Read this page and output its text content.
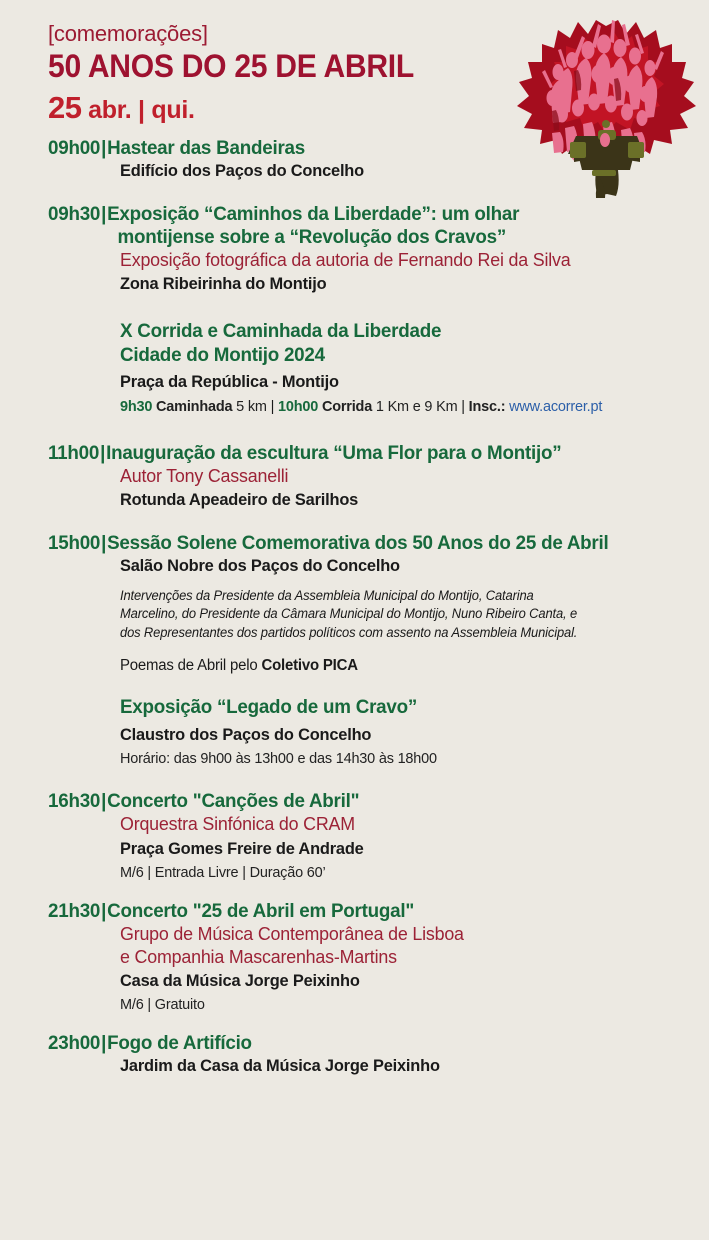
[comemorações]
50 ANOS DO 25 DE ABRIL
25 abr. | qui.
09h00|Hastear das Bandeiras
Edifício dos Paços do Concelho
09h30|Exposição “Caminhos da Liberdade”: um olhar
montijense sobre a “Revolução dos Cravos”
Exposição fotográfica da autoria de Fernando Rei da Silva
Zona Ribeirinha do Montijo
X Corrida e Caminhada da Liberdade
Cidade do Montijo 2024
Praça da República - Montijo
9h30 Caminhada 5 km | 10h00 Corrida 1 Km e 9 Km | Insc.: www.acorrer.pt
11h00|Inauguração da escultura “Uma Flor para o Montijo”
Autor Tony Cassanelli
Rotunda Apeadeiro de Sarilhos
15h00|Sessão Solene Comemorativa dos 50 Anos do 25 de Abril
Salão Nobre dos Paços do Concelho
Intervenções da Presidente da Assembleia Municipal do Montijo, Catarina
Marcelino, do Presidente da Câmara Municipal do Montijo, Nuno Ribeiro Canta, e
dos Representantes dos partidos políticos com assento na Assembleia Municipal.
Poemas de Abril pelo Coletivo PICA
Exposição “Legado de um Cravo”
Claustro dos Paços do Concelho
Horário: das 9h00 às 13h00 e das 14h30 às 18h00
16h30|Concerto "Canções de Abril"
Orquestra Sinfónica do CRAM
Praça Gomes Freire de Andrade
M/6 | Entrada Livre | Duração 60’
21h30|Concerto "25 de Abril em Portugal"
Grupo de Música Contemporânea de Lisboa
e Companhia Mascarenhas-Martins
Casa da Música Jorge Peixinho
M/6 | Gratuito
23h00|Fogo de Artifício
Jardim da Casa da Música Jorge Peixinho
